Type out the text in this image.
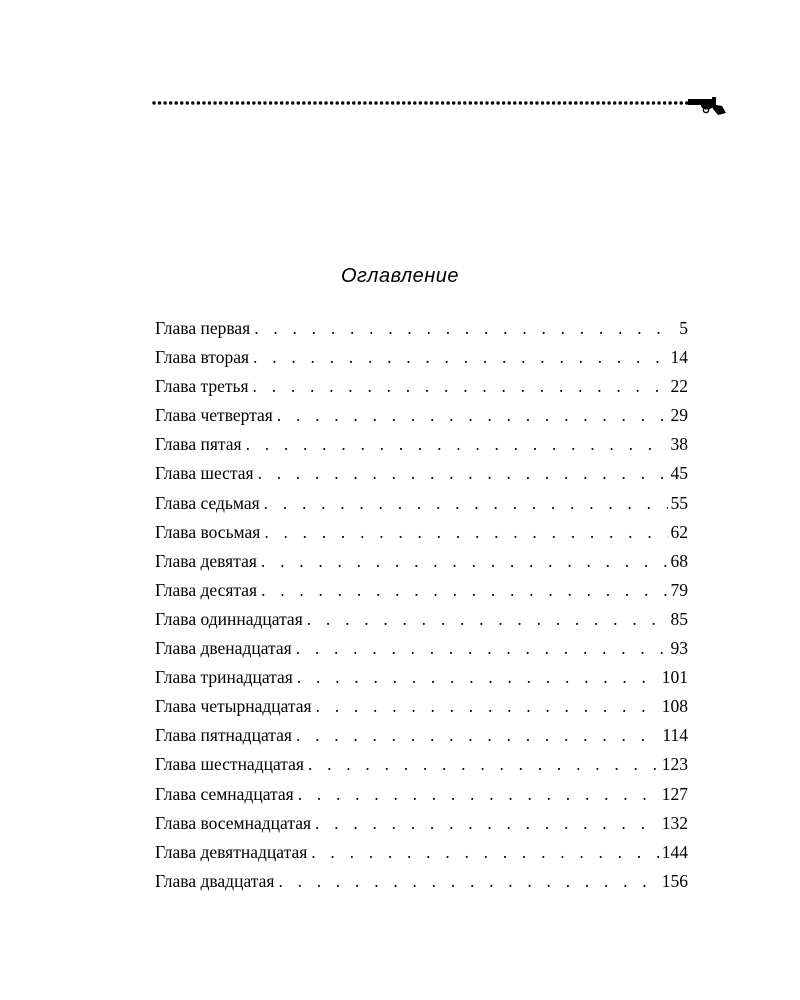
Оглавление
Глава первая . . .	5
Глава вторая . . .	14
Глава третья . . .	22
Глава четвертая . . .	29
Глава пятая . . .	38
Глава шестая . . .	45
Глава седьмая . . .	55
Глава восьмая . . .	62
Глава девятая . . .	68
Глава десятая . . .	79
Глава одиннадцатая . . .	85
Глава двенадцатая . . .	93
Глава тринадцатая . . .	101
Глава четырнадцатая . . .	108
Глава пятнадцатая . . .	114
Глава шестнадцатая . . .	123
Глава семнадцатая . . .	127
Глава восемнадцатая . . .	132
Глава девятнадцатая . . .	144
Глава двадцатая . . .	156
